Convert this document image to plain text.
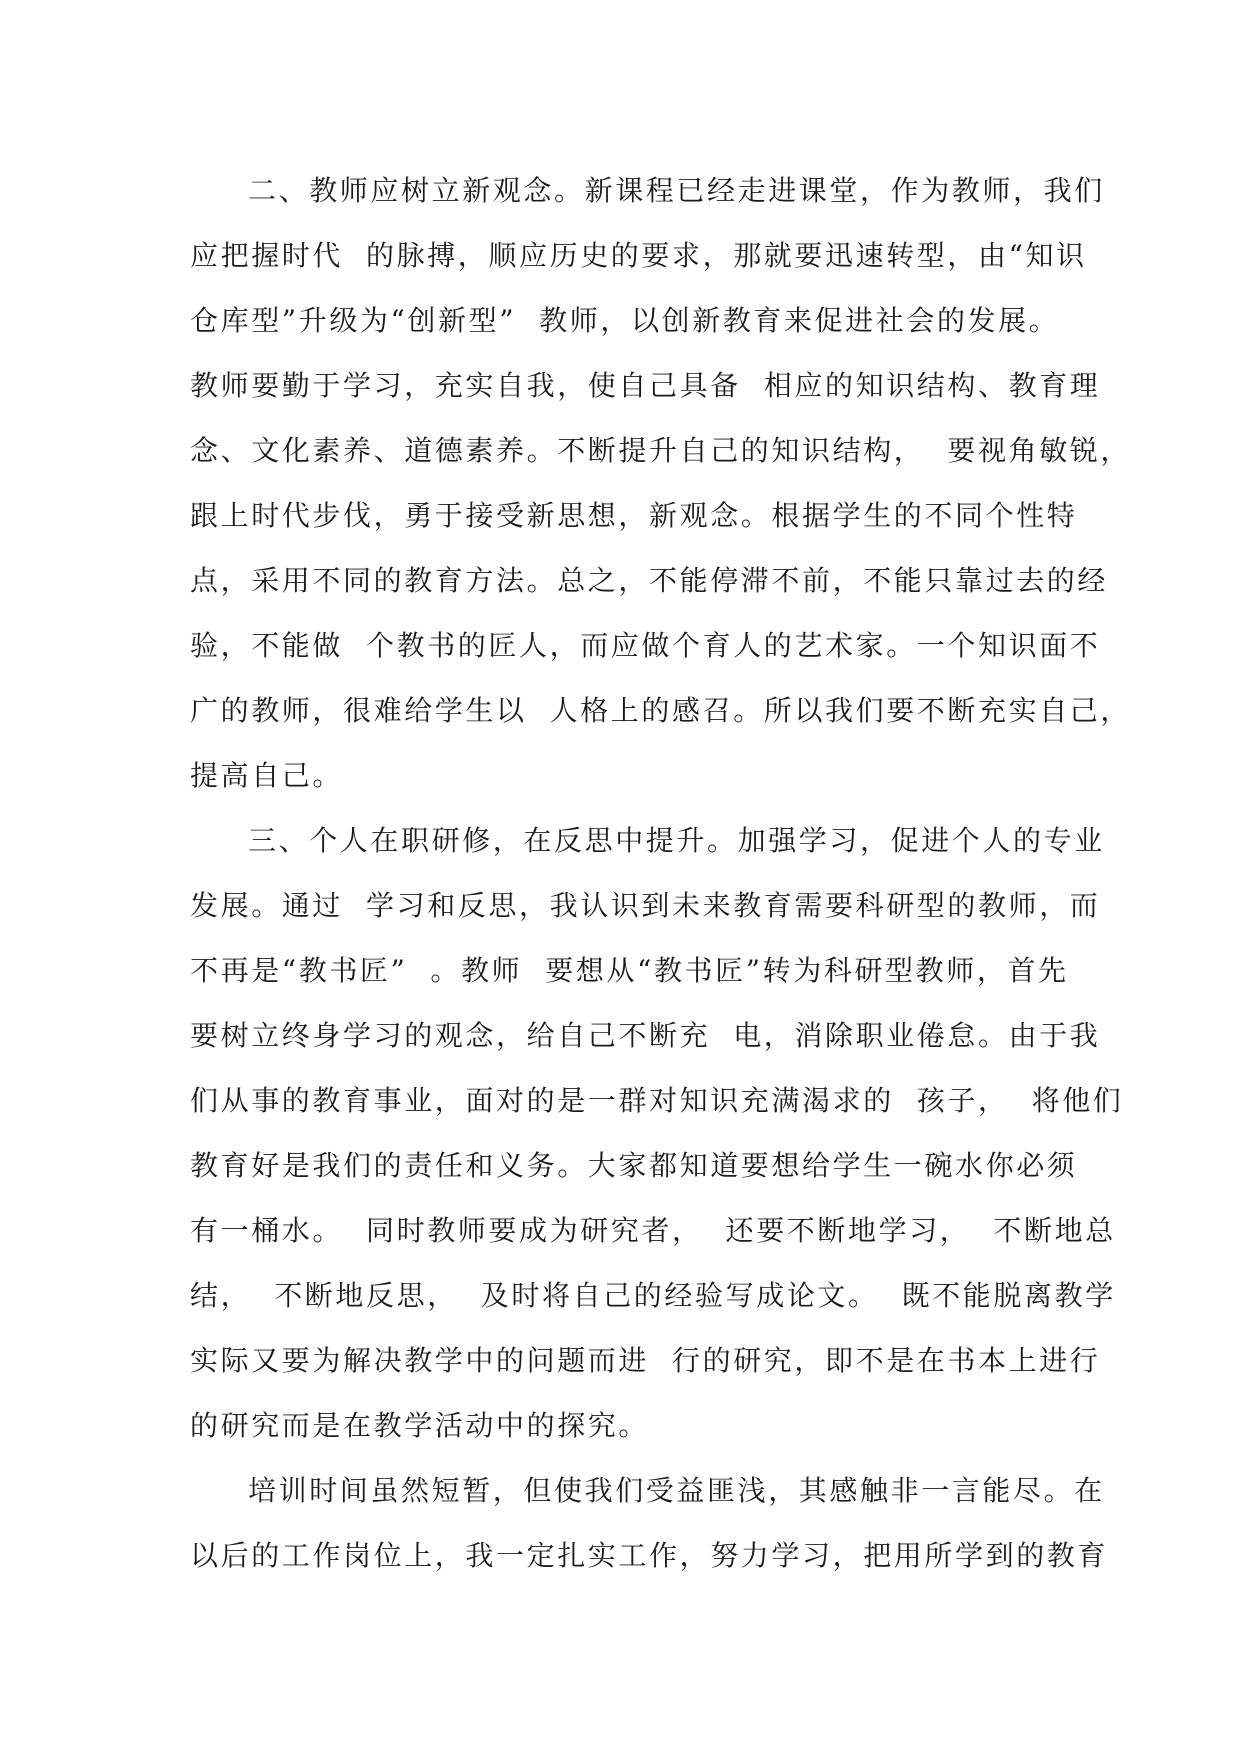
二、教师应树立新观念。新课程已经走进课堂，作为教师，我们
应把握时代  的脉搏，顺应历史的要求，那就要迅速转型，由“知识
仓库型”升级为“创新型”  教师，以创新教育来促进社会的发展。
教师要勤于学习，充实自我，使自己具备  相应的知识结构、教育理
念、文化素养、道德素养。不断提升自己的知识结构，  要视角敏锐，
跟上时代步伐，勇于接受新思想，新观念。根据学生的不同个性特
点，采用不同的教育方法。总之，不能停滞不前，不能只靠过去的经
验，不能做  个教书的匠人，而应做个育人的艺术家。一个知识面不
广的教师，很难给学生以  人格上的感召。所以我们要不断充实自己，
提高自己。
三、个人在职研修，在反思中提升。加强学习，促进个人的专业
发展。通过  学习和反思，我认识到未来教育需要科研型的教师，而
不再是“教书匠”  。教师  要想从“教书匠”转为科研型教师，首先
要树立终身学习的观念，给自己不断充  电，消除职业倦怠。由于我
们从事的教育事业，面对的是一群对知识充满渴求的  孩子，  将他们
教育好是我们的责任和义务。大家都知道要想给学生一碗水你必须
有一桶水。  同时教师要成为研究者，  还要不断地学习，  不断地总
结，  不断地反思，  及时将自己的经验写成论文。  既不能脱离教学
实际又要为解决教学中的问题而进  行的研究，即不是在书本上进行
的研究而是在教学活动中的探究。
培训时间虽然短暂，但使我们受益匪浅，其感触非一言能尽。在
以后的工作岗位上，我一定扎实工作，努力学习，把用所学到的教育
